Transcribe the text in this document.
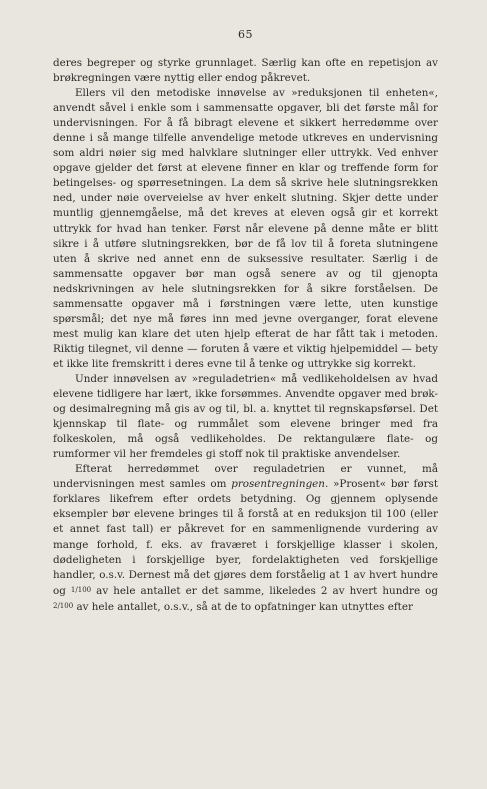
65

deres begreper og styrke grunnlaget. Særlig kan ofte en repetisjon av brøkregningen være nyttig eller endog påkrevet.

Ellers vil den metodiske innøvelse av »reduksjonen til enheten«, anvendt såvel i enkle som i sammensatte opgaver, bli det første mål for undervisningen. For å få bibragt elevene et sikkert herredømme over denne i så mange tilfelle anvendelige metode utkreves en undervisning som aldri nøier sig med halvklare slutninger eller uttrykk. Ved enhver opgave gjelder det først at elevene finner en klar og treffende form for betingelses- og spørresetningen. La dem så skrive hele slutningsrekken ned, under nøie overveielse av hver enkelt slutning. Skjer dette under muntlig gjennemgåelse, må det kreves at eleven også gir et korrekt uttrykk for hvad han tenker. Først når elevene på denne måte er blitt sikre i å utføre slutningsrekken, bør de få lov til å foreta slutningene uten å skrive ned annet enn de suksessive resultater. Særlig i de sammensatte opgaver bør man også senere av og til gjenopta nedskrivningen av hele slutningsrekken for å sikre forståelsen. De sammensatte opgaver må i førstningen være lette, uten kunstige spørsmål; det nye må føres inn med jevne overganger, forat elevene mest mulig kan klare det uten hjelp efterat de har fått tak i metoden. Riktig tilegnet, vil denne — foruten å være et viktig hjelpemiddel — bety et ikke lite fremskritt i deres evne til å tenke og uttrykke sig korrekt.

Under innøvelsen av »reguladetrien« må vedlikeholdelsen av hvad elevene tidligere har lært, ikke forsømmes. Anvendte opgaver med brøk- og desimalregning må gis av og til, bl. a. knyttet til regnskapsførsel. Det kjennskap til flate- og rummålet som elevene bringer med fra folkeskolen, må også vedlikeholdes. De rektangulære flate- og rumformer vil her fremdeles gi stoff nok til praktiske anvendelser.

Efterat herredømmet over reguladetrien er vunnet, må undervisningen mest samles om prosentregningen. »Prosent« bør først forklares likefrem efter ordets betydning. Og gjennem oplysende eksempler bør elevene bringes til å forstå at en reduksjon til 100 (eller et annet fast tall) er påkrevet for en sammenlignende vurdering av mange forhold, f. eks. av fraværet i forskjellige klasser i skolen, dødeligheten i forskjellige byer, fordelaktigheten ved forskjellige handler, o.s.v. Dernest må det gjøres dem forståelig at 1 av hvert hundre og 1/100 av hele antallet er det samme, likeledes 2 av hvert hundre og 2/100 av hele antallet, o.s.v., så at de to opfatninger kan utnyttes efter
